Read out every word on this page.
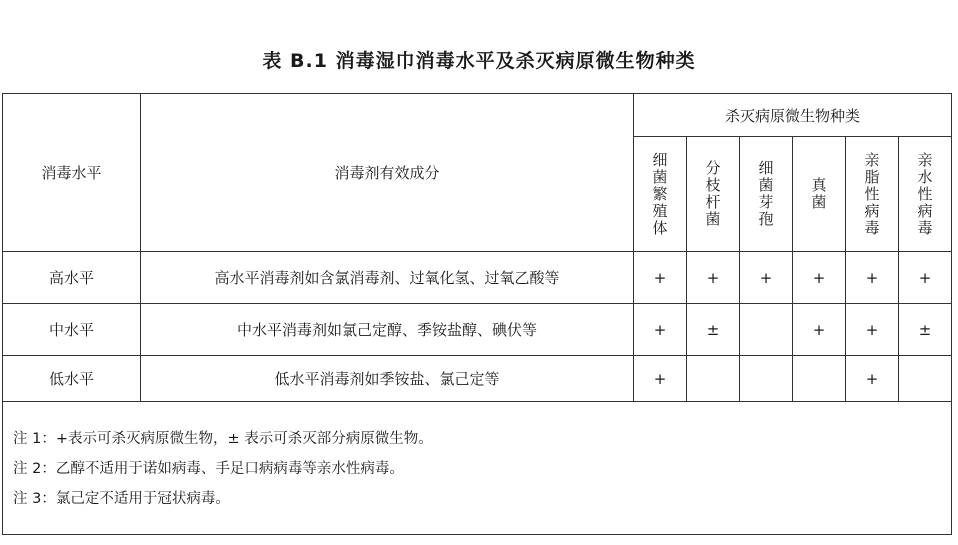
表 B.1 消毒湿巾消毒水平及杀灭病原微生物种类
消毒水平	消毒剂有效成分	杀灭病原微生物种类					
		细菌繁殖体	分枝杆菌	细菌芽孢	真菌	亲脂性病毒	亲水性病毒
高水平	高水平消毒剂如含氯消毒剂、过氧化氢、过氧乙酸等	+	+	+	+	+	+
中水平	中水平消毒剂如氯己定醇、季铵盐醇、碘伏等	+	±		+	+	±
低水平	低水平消毒剂如季铵盐、氯己定等	+				+	

注 1：+表示可杀灭病原微生物，± 表示可杀灭部分病原微生物。
注 2：乙醇不适用于诺如病毒、手足口病病毒等亲水性病毒。
注 3：氯己定不适用于冠状病毒。							
